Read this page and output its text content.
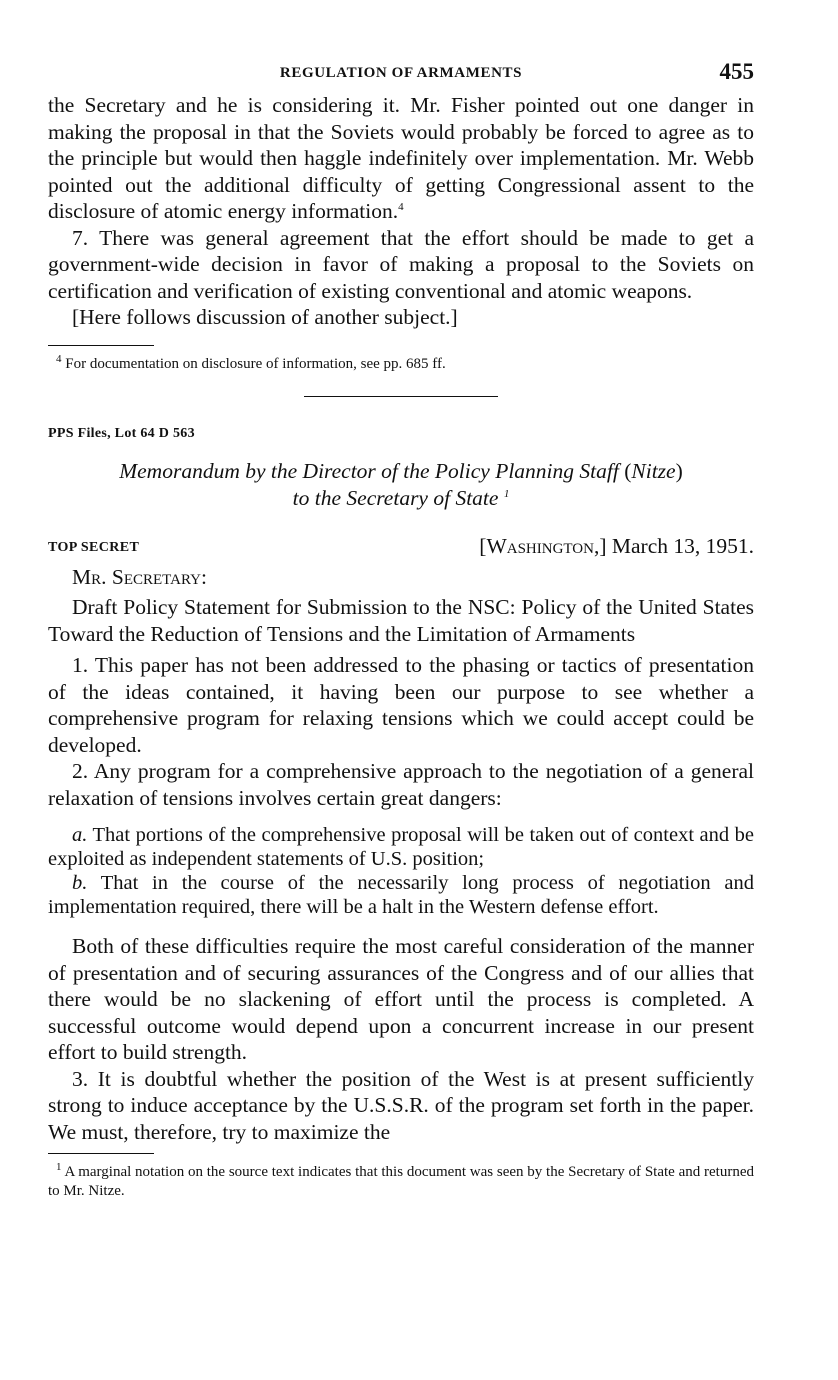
REGULATION OF ARMAMENTS	455

the Secretary and he is considering it. Mr. Fisher pointed out one danger in making the proposal in that the Soviets would probably be forced to agree as to the principle but would then haggle indefinitely over implementation. Mr. Webb pointed out the additional difficulty of getting Congressional assent to the disclosure of atomic energy information.$^4$

7. There was general agreement that the effort should be made to get a government-wide decision in favor of making a proposal to the Soviets on certification and verification of existing conventional and atomic weapons.

[Here follows discussion of another subject.]

$^4$ For documentation on disclosure of information, see pp. 685 ff.

PPS Files, Lot 64 D 563
Memorandum by the Director of the Policy Planning Staff (Nitze)
to the Secretary of State $^1$
TOP SECRET	[Washington,] March 13, 1951.
Mr. Secretary:

Draft Policy Statement for Submission to the NSC: Policy of the United States Toward the Reduction of Tensions and the Limitation of Armaments

1. This paper has not been addressed to the phasing or tactics of presentation of the ideas contained, it having been our purpose to see whether a comprehensive program for relaxing tensions which we could accept could be developed.

2. Any program for a comprehensive approach to the negotiation of a general relaxation of tensions involves certain great dangers:

a. That portions of the comprehensive proposal will be taken out of context and be exploited as independent statements of U.S. position;

b. That in the course of the necessarily long process of negotiation and implementation required, there will be a halt in the Western defense effort.

Both of these difficulties require the most careful consideration of the manner of presentation and of securing assurances of the Congress and of our allies that there would be no slackening of effort until the process is completed. A successful outcome would depend upon a concurrent increase in our present effort to build strength.

3. It is doubtful whether the position of the West is at present sufficiently strong to induce acceptance by the U.S.S.R. of the program set forth in the paper. We must, therefore, try to maximize the

$^1$ A marginal notation on the source text indicates that this document was seen by the Secretary of State and returned to Mr. Nitze.
